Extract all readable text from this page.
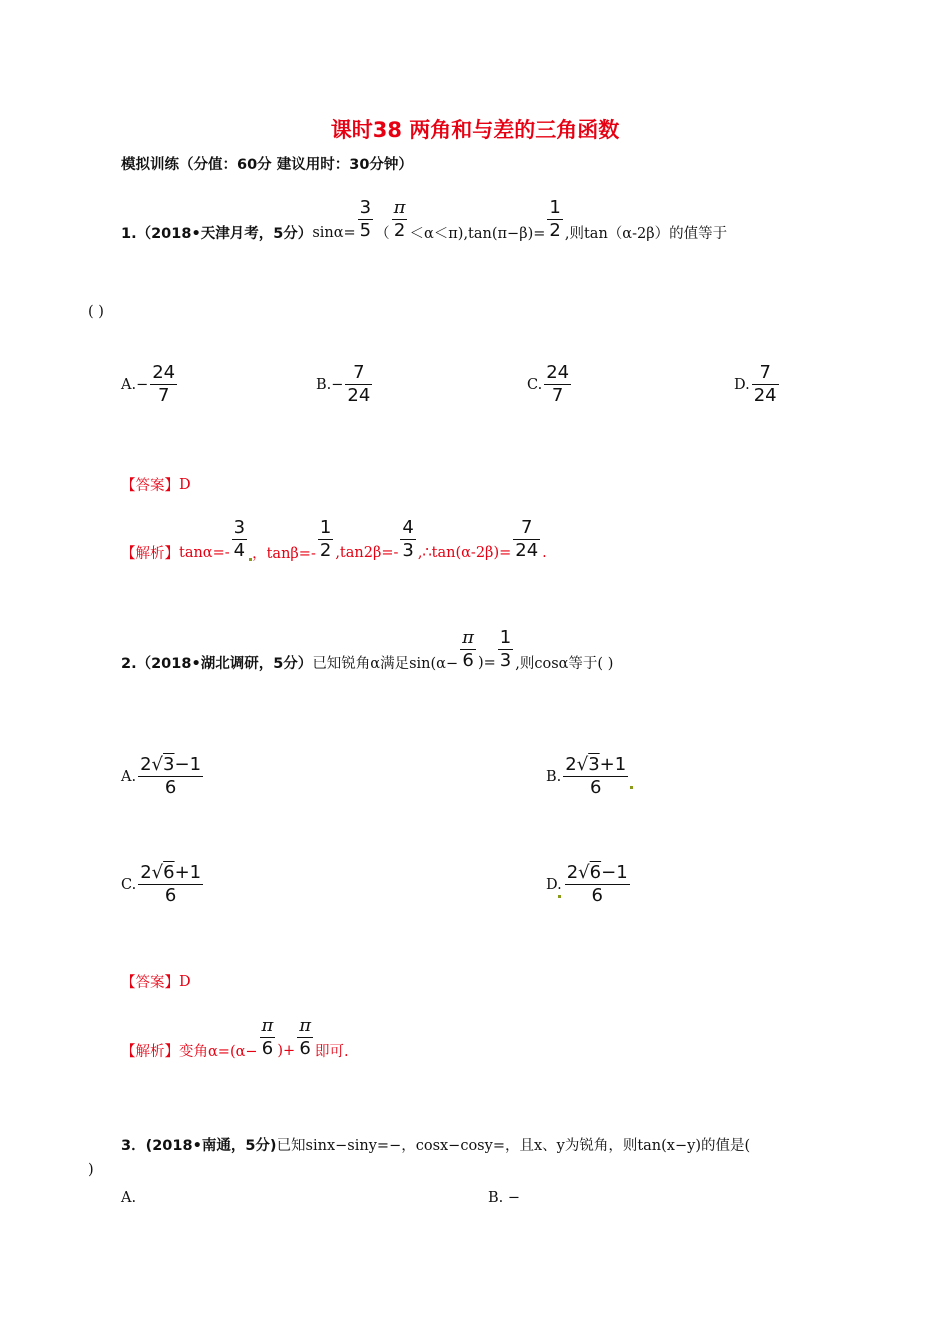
课时38 两角和与差的三角函数
模拟训练（分值：60分 建议用时：30分钟）
1.（2018•天津月考，5分） $\sin\alpha= \frac{3}{5}$ （ $\frac{\pi}{2} <\alpha<\pi),\tan(\pi-\beta)= \frac{1}{2}$ ,则tan（α-2β）的值等于
( )
$A.- \frac{24}{7}$	$B.- \frac{7}{24}$	C. $\frac{24}{7}$	D. $\frac{7}{24}$
【答案】 D
【解析】 $\tan\alpha=- \frac{3}{4}$ ，$\tan\beta=- \frac{1}{2} ,\tan 2\beta=- \frac{4}{3}$ ,∴tan(α-2β)= $\frac{7}{24}$ .
2.（2018•湖北调研，5分） 已知锐角α满足$\sin(\alpha- \frac{\pi}{6}$ )= $\frac{1}{3}$ ,则cosα等于( )
A. $\frac{2√3-1}{6}$	B. $\frac{2√3+1}{6}$
C. $\frac{2√6+1}{6}$	D. $\frac{2√6-1}{6}$
【答案】 D
【解析】 变角$\alpha=(\alpha- \frac{\pi}{6}$ )+ $\frac{\pi}{6}$ 即可.
3．(2018•南通，5分) 已知sinx−siny=−，cosx−cosy=，且x、y为锐角，则tan(x−y)的值是(
)
A.	B. −
